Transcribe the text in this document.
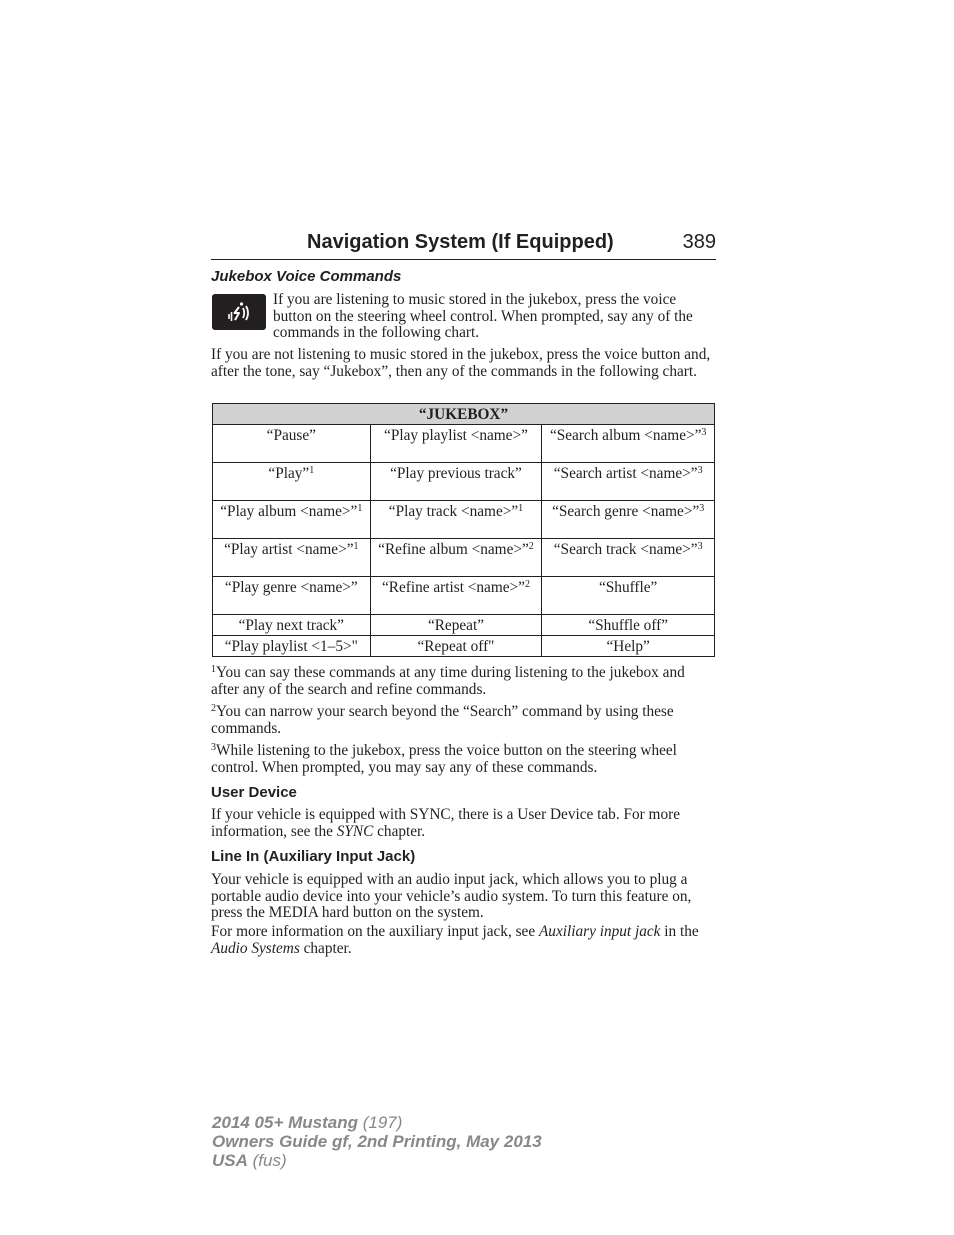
Navigation System (If Equipped)	389
Jukebox Voice Commands

If you are listening to music stored in the jukebox, press the voice button on the steering wheel control. When prompted, say any of the commands in the following chart.

If you are not listening to music stored in the jukebox, press the voice button and, after the tone, say “Jukebox”, then any of the commands in the following chart.

“JUKEBOX”		
“Pause”	“Play playlist <name>”	“Search album <name>”$^3$
“Play”$^1$	“Play previous track”	“Search artist <name>”$^3$
“Play album <name>”$^1$	“Play track <name>”$^1$	“Search genre <name>”$^3$
“Play artist <name>”$^1$	“Refine album <name>”$^2$	“Search track <name>”$^3$
“Play genre <name>”	“Refine artist <name>”$^2$	“Shuffle”
“Play next track”	“Repeat”	“Shuffle off”
“Play playlist <1–5>"	“Repeat off"	“Help”

$^1$You can say these commands at any time during listening to the jukebox and after any of the search and refine commands.

$^2$You can narrow your search beyond the “Search” command by using these commands.

$^3$While listening to the jukebox, press the voice button on the steering wheel control. When prompted, you may say any of these commands.

User Device

If your vehicle is equipped with SYNC, there is a User Device tab. For more information, see the SYNC chapter.

Line In (Auxiliary Input Jack)

Your vehicle is equipped with an audio input jack, which allows you to plug a portable audio device into your vehicle’s audio system. To turn this feature on, press the MEDIA hard button on the system.

For more information on the auxiliary input jack, see Auxiliary input jack in the Audio Systems chapter.

2014 05+ Mustang (197)
Owners Guide gf, 2nd Printing, May 2013
USA (fus)
